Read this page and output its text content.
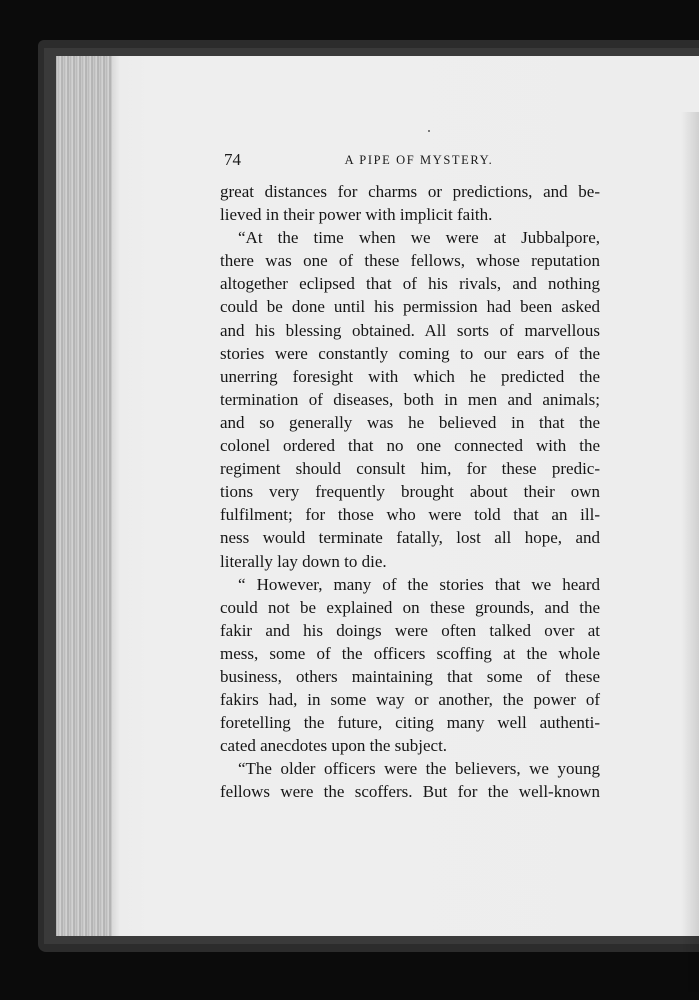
74	A PIPE OF MYSTERY.
great distances for charms or predictions, and be-
lieved in their power with implicit faith.
“At the time when we were at Jubbalpore,
there was one of these fellows, whose reputation
altogether eclipsed that of his rivals, and nothing
could be done until his permission had been asked
and his blessing obtained. All sorts of marvellous
stories were constantly coming to our ears of the
unerring foresight with which he predicted the
termination of diseases, both in men and animals;
and so generally was he believed in that the
colonel ordered that no one connected with the
regiment should consult him, for these predic-
tions very frequently brought about their own
fulfilment; for those who were told that an ill-
ness would terminate fatally, lost all hope, and
literally lay down to die.
“ However, many of the stories that we heard
could not be explained on these grounds, and the
fakir and his doings were often talked over at
mess, some of the officers scoffing at the whole
business, others maintaining that some of these
fakirs had, in some way or another, the power of
foretelling the future, citing many well authenti-
cated anecdotes upon the subject.
“The older officers were the believers, we young
fellows were the scoffers. But for the well-known
